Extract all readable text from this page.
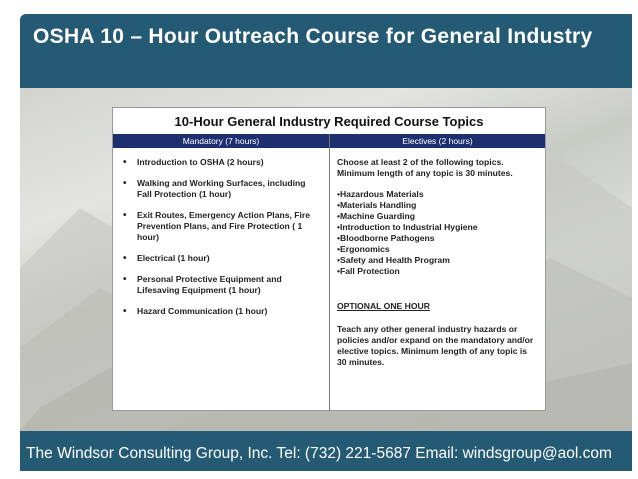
OSHA 10 – Hour Outreach Course for General Industry
The Windsor Consulting Group, Inc. Tel: (732) 221-5687 Email: windsgroup@aol.com
10-Hour General Industry Required Course Topics
Mandatory (7 hours)	Electives (2 hours)
• Introduction to OSHA (2 hours)
• Walking and Working Surfaces, including Fall Protection (1 hour)
• Exit Routes, Emergency Action Plans, Fire Prevention Plans, and Fire Protection ( 1 hour)
• Electrical (1 hour)
• Personal Protective Equipment and Lifesaving Equipment (1 hour)
• Hazard Communication (1 hour)

Choose at least 2 of the following topics. Minimum length of any topic is 30 minutes.

• Hazardous Materials
• Materials Handling
• Machine Guarding
• Introduction to Industrial Hygiene
• Bloodborne Pathogens
• Ergonomics
• Safety and Health Program
• Fall Protection

OPTIONAL ONE HOUR

Teach any other general industry hazards or policies and/or expand on the mandatory and/or elective topics. Minimum length of any topic is 30 minutes.
